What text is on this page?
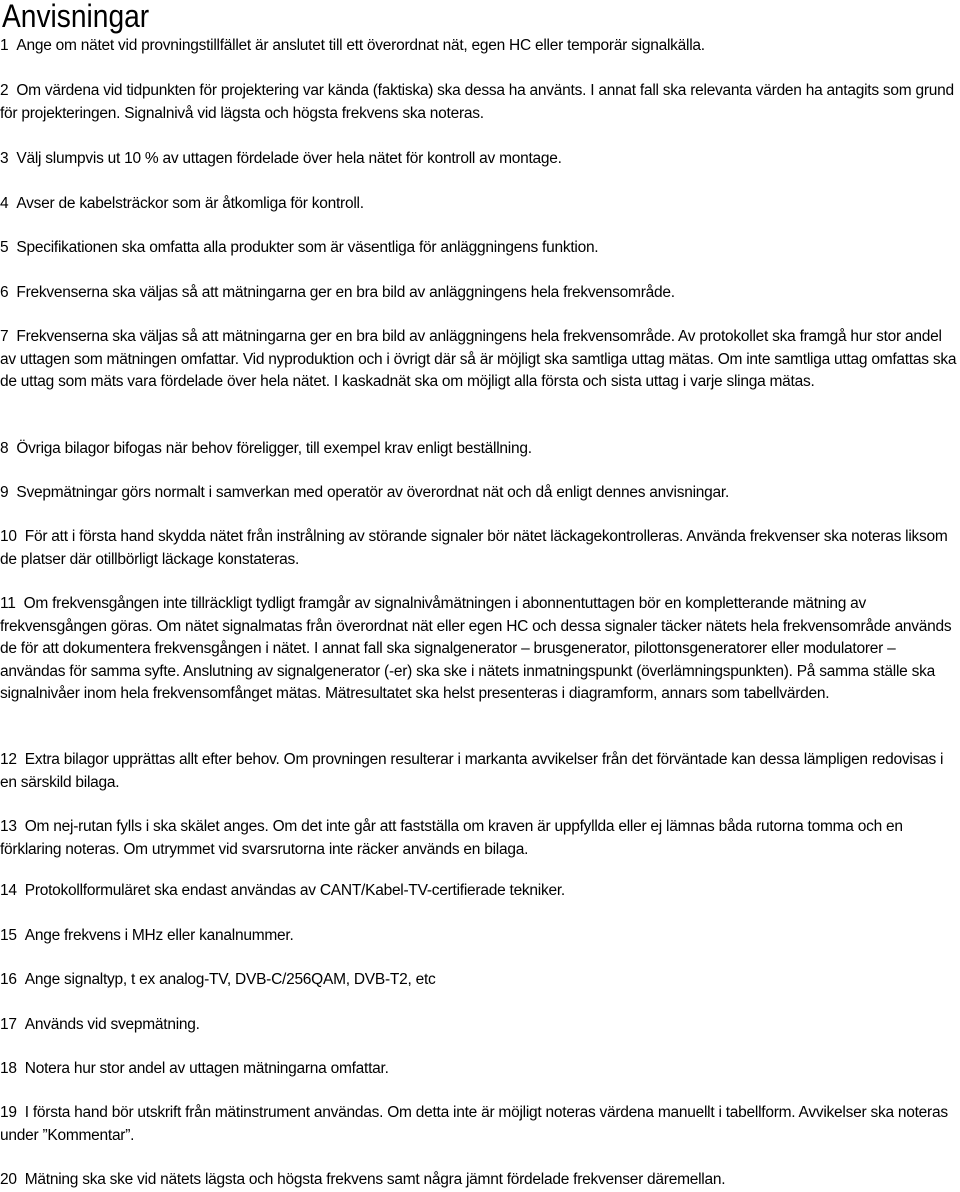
Anvisningar

1 Ange om nätet vid provningstillfället är anslutet till ett överordnat nät, egen HC eller temporär signalkälla.

2 Om värdena vid tidpunkten för projektering var kända (faktiska) ska dessa ha använts. I annat fall ska relevanta värden ha antagits som grund för projekteringen. Signalnivå vid lägsta och högsta frekvens ska noteras.

3 Välj slumpvis ut 10 % av uttagen fördelade över hela nätet för kontroll av montage.

4 Avser de kabelsträckor som är åtkomliga för kontroll.

5 Specifikationen ska omfatta alla produkter som är väsentliga för anläggningens funktion.

6 Frekvenserna ska väljas så att mätningarna ger en bra bild av anläggningens hela frekvensområde.

7 Frekvenserna ska väljas så att mätningarna ger en bra bild av anläggningens hela frekvensområde. Av protokollet ska framgå hur stor andel av uttagen som mätningen omfattar. Vid nyproduktion och i övrigt där så är möjligt ska samtliga uttag mätas. Om inte samtliga uttag omfattas ska de uttag som mäts vara fördelade över hela nätet. I kaskadnät ska om möjligt alla första och sista uttag i varje slinga mätas.

8 Övriga bilagor bifogas när behov föreligger, till exempel krav enligt beställning.

9 Svepmätningar görs normalt i samverkan med operatör av överordnat nät och då enligt dennes anvisningar.

10 För att i första hand skydda nätet från instrålning av störande signaler bör nätet läckagekontrolleras. Använda frekvenser ska noteras liksom de platser där otillbörligt läckage konstateras.

11 Om frekvensgången inte tillräckligt tydligt framgår av signalnivåmätningen i abonnentuttagen bör en kompletterande mätning av frekvensgången göras. Om nätet signalmatas från överordnat nät eller egen HC och dessa signaler täcker nätets hela frekvensområde används de för att dokumentera frekvensgången i nätet. I annat fall ska signalgenerator – brusgenerator, pilottonsgeneratorer eller modulatorer – användas för samma syfte. Anslutning av signalgenerator (-er) ska ske i nätets inmatningspunkt (överlämningspunkten). På samma ställe ska signalnivåer inom hela frekvensomfånget mätas. Mätresultatet ska helst presenteras i diagramform, annars som tabellvärden.

12 Extra bilagor upprättas allt efter behov. Om provningen resulterar i markanta avvikelser från det förväntade kan dessa lämpligen redovisas i en särskild bilaga.

13 Om nej-rutan fylls i ska skälet anges. Om det inte går att fastställa om kraven är uppfyllda eller ej lämnas båda rutorna tomma och en förklaring noteras. Om utrymmet vid svarsrutorna inte räcker används en bilaga.

14 Protokollformuläret ska endast användas av CANT/Kabel-TV-certifierade tekniker.

15 Ange frekvens i MHz eller kanalnummer.

16 Ange signaltyp, t ex analog-TV, DVB-C/256QAM, DVB-T2, etc

17 Används vid svepmätning.

18 Notera hur stor andel av uttagen mätningarna omfattar.

19 I första hand bör utskrift från mätinstrument användas. Om detta inte är möjligt noteras värdena manuellt i tabellform. Avvikelser ska noteras under ”Kommentar”.

20 Mätning ska ske vid nätets lägsta och högsta frekvens samt några jämnt fördelade frekvenser däremellan.
